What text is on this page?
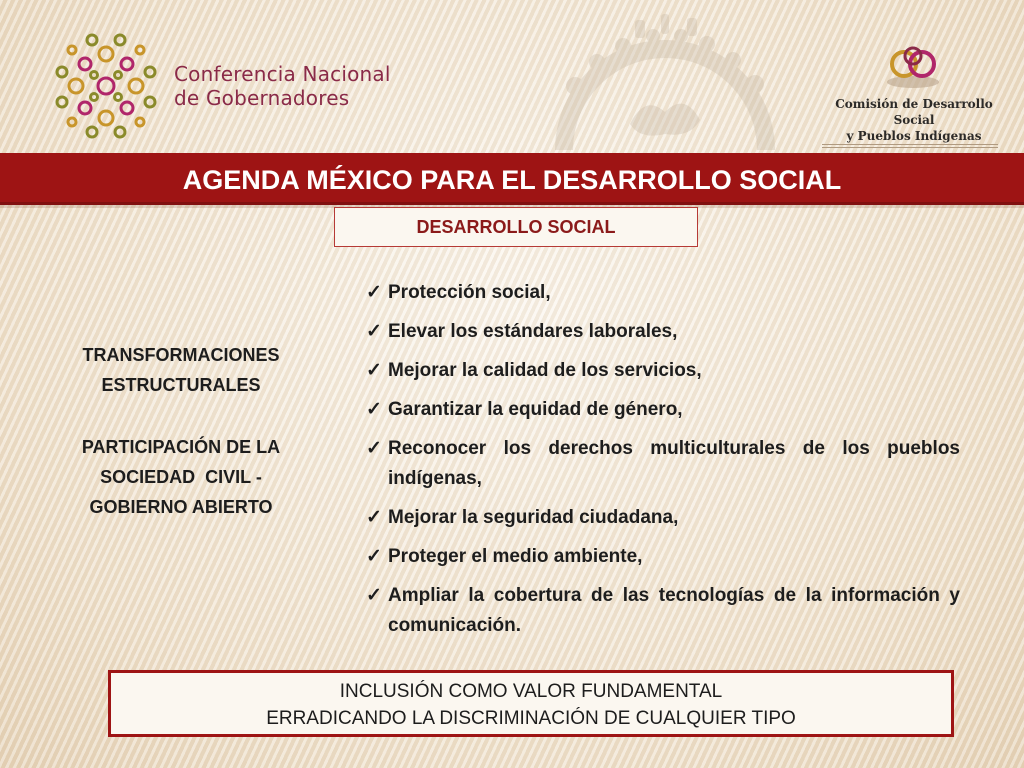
Conferencia Nacional
de Gobernadores	Comisión de Desarrollo Social
y Pueblos Indígenas
AGENDA MÉXICO PARA EL DESARROLLO SOCIAL
DESARROLLO SOCIAL
TRANSFORMACIONES
ESTRUCTURALES
PARTICIPACIÓN DE LA
SOCIEDAD  CIVIL -
GOBIERNO ABIERTO
✓ Protección social,
✓ Elevar los estándares laborales,
✓ Mejorar la calidad de los servicios,
✓ Garantizar la equidad de género,
✓ Reconocer los derechos multiculturales de los pueblos indígenas,
✓ Mejorar la seguridad ciudadana,
✓ Proteger el medio ambiente,
✓ Ampliar la cobertura de las tecnologías de la información y comunicación.
INCLUSIÓN COMO VALOR FUNDAMENTAL
ERRADICANDO LA DISCRIMINACIÓN DE CUALQUIER TIPO
